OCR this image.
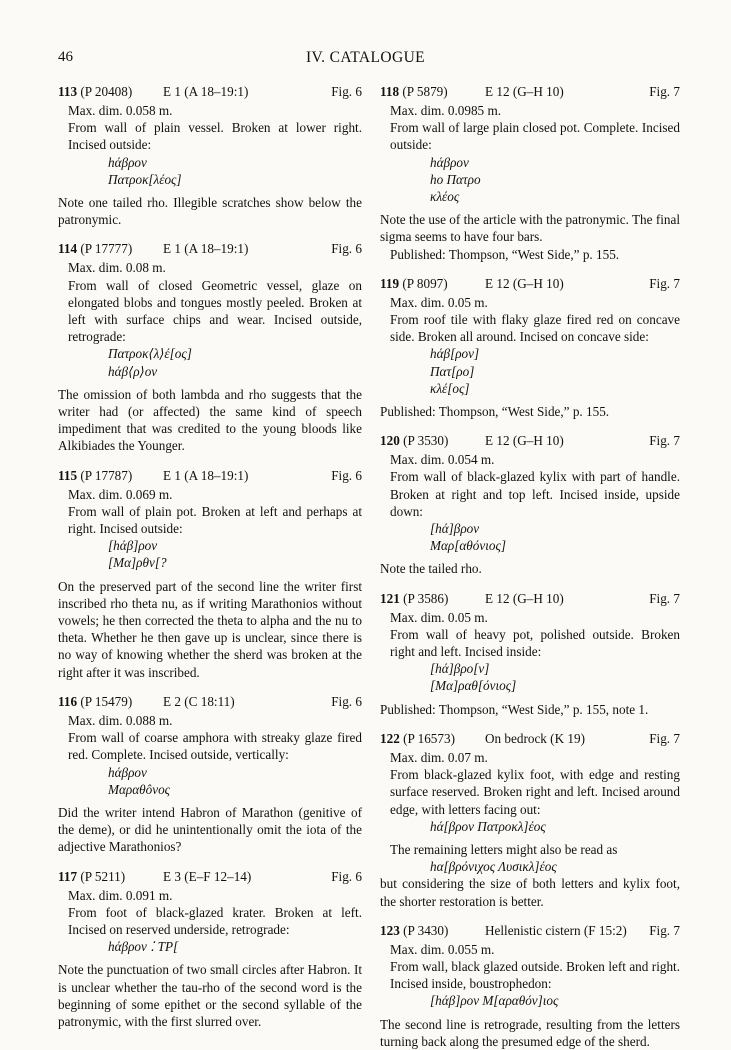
46	IV. CATALOGUE
113 (P 20408) E 1 (A 18–19:1)	Fig. 6

Max. dim. 0.058 m.

From wall of plain vessel. Broken at lower right. Incised outside:

hάβρον
Πατροκ[λέος]

Note one tailed rho. Illegible scratches show below the patronymic.

114 (P 17777) E 1 (A 18–19:1)	Fig. 6

Max. dim. 0.08 m.

From wall of closed Geometric vessel, glaze on elongated blobs and tongues mostly peeled. Broken at left with surface chips and wear. Incised outside, retrograde:

Πατροκ⟨λ⟩έ[ος]
hάβ⟨ρ⟩ον

The omission of both lambda and rho suggests that the writer had (or affected) the same kind of speech impediment that was credited to the young bloods like Alkibiades the Younger.

115 (P 17787) E 1 (A 18–19:1)	Fig. 6

Max. dim. 0.069 m.

From wall of plain pot. Broken at left and perhaps at right. Incised outside:

[hάβ]ρον
[Μα]ρθν[?

On the preserved part of the second line the writer first inscribed rho theta nu, as if writing Marathonios without vowels; he then corrected the theta to alpha and the nu to theta. Whether he then gave up is unclear, since there is no way of knowing whether the sherd was broken at the right after it was inscribed.

116 (P 15479) E 2 (C 18:11)	Fig. 6

Max. dim. 0.088 m.

From wall of coarse amphora with streaky glaze fired red. Complete. Incised outside, vertically:

hάβρον
Μαραθôνος

Did the writer intend Habron of Marathon (genitive of the deme), or did he unintentionally omit the iota of the adjective Marathonios?

117 (P 5211)	E 3 (E–F 12–14)	Fig. 6

Max. dim. 0.091 m.

From foot of black-glazed krater. Broken at left. Incised on reserved underside, retrograde:

hάβρον ⁚ ΤΡ[

Note the punctuation of two small circles after Habron. It is unclear whether the tau-rho of the second word is the beginning of some epithet or the second syllable of the patronymic, with the first slurred over.

118 (P 5879)	E 12 (G–H 10)	Fig. 7

Max. dim. 0.0985 m.

From wall of large plain closed pot. Complete. Incised outside:

hάβρον
hο Πατρο
κλέος

Note the use of the article with the patronymic. The final sigma seems to have four bars.

Published: Thompson, “West Side,” p. 155.

119 (P 8097)	E 12 (G–H 10)	Fig. 7

Max. dim. 0.05 m.

From roof tile with flaky glaze fired red on concave side. Broken all around. Incised on concave side:

hάβ[ρον]
Πατ[ρο]
κλέ[ος]

Published: Thompson, “West Side,” p. 155.

120 (P 3530)	E 12 (G–H 10)	Fig. 7

Max. dim. 0.054 m.

From wall of black-glazed kylix with part of handle. Broken at right and top left. Incised inside, upside down:

[hά]βρον
Μαρ[αθόνιος]

Note the tailed rho.

121 (P 3586)	E 12 (G–H 10)	Fig. 7

Max. dim. 0.05 m.

From wall of heavy pot, polished outside. Broken right and left. Incised inside:

[hά]βρο[ν]
[Μα]ραθ[όνιος]

Published: Thompson, “West Side,” p. 155, note 1.

122 (P 16573) On bedrock (K 19)	Fig. 7

Max. dim. 0.07 m.

From black-glazed kylix foot, with edge and resting surface reserved. Broken right and left. Incised around edge, with letters facing out:

hά[βρον Πατροκλ]έος

The remaining letters might also be read as

hα[βρόνιχος Λυσικλ]έος

but considering the size of both letters and kylix foot, the shorter restoration is better.

123 (P 3430)	Hellenistic cistern (F 15:2) Fig. 7

Max. dim. 0.055 m.

From wall, black glazed outside. Broken left and right. Incised inside, boustrophedon:

[hάβ]ρον Μ[αραθόν]ιος

The second line is retrograde, resulting from the letters turning back along the presumed edge of the sherd.
